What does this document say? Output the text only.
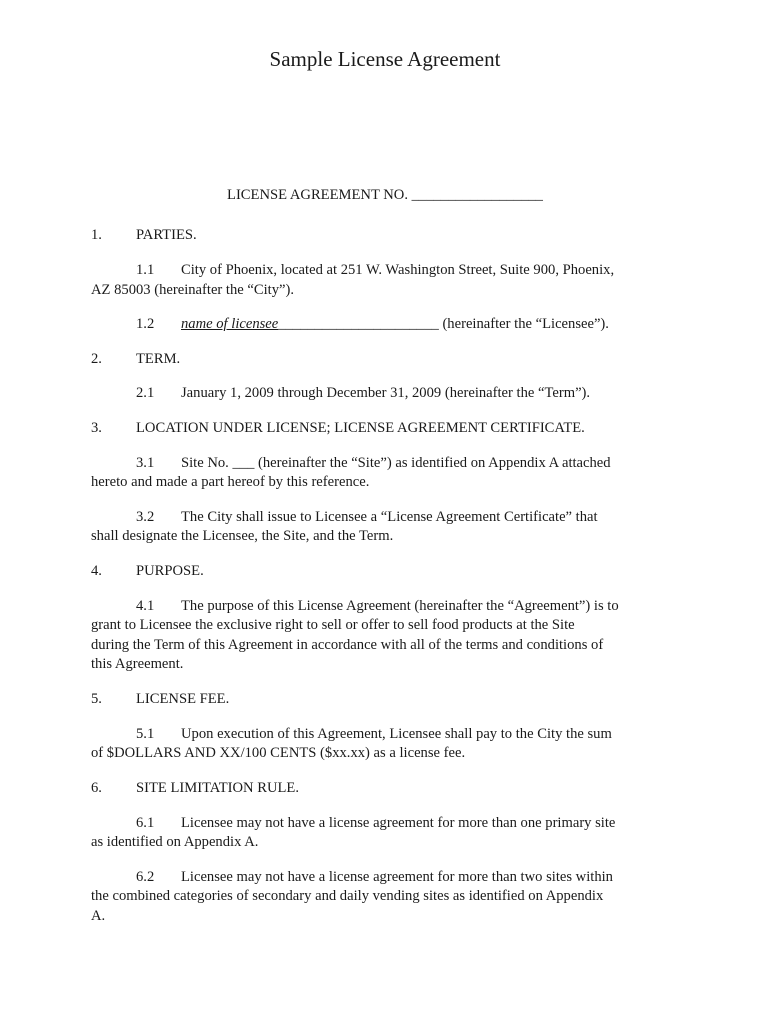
Sample License Agreement
LICENSE AGREEMENT NO. __________________
1. PARTIES.
1.1 City of Phoenix, located at 251 W. Washington Street, Suite 900, Phoenix,
AZ 85003 (hereinafter the “City”).
1.2 name of licensee______________________ (hereinafter the “Licensee”).
2. TERM.
2.1 January 1, 2009 through December 31, 2009 (hereinafter the “Term”).
3. LOCATION UNDER LICENSE; LICENSE AGREEMENT CERTIFICATE.
3.1 Site No. ___ (hereinafter the “Site”) as identified on Appendix A attached
hereto and made a part hereof by this reference.
3.2 The City shall issue to Licensee a “License Agreement Certificate” that
shall designate the Licensee, the Site, and the Term.
4. PURPOSE.
4.1 The purpose of this License Agreement (hereinafter the “Agreement”) is to
grant to Licensee the exclusive right to sell or offer to sell food products at the Site
during the Term of this Agreement in accordance with all of the terms and conditions of
this Agreement.
5. LICENSE FEE.
5.1 Upon execution of this Agreement, Licensee shall pay to the City the sum
of $DOLLARS AND XX/100 CENTS ($xx.xx) as a license fee.
6. SITE LIMITATION RULE.
6.1 Licensee may not have a license agreement for more than one primary site
as identified on Appendix A.
6.2 Licensee may not have a license agreement for more than two sites within
the combined categories of secondary and daily vending sites as identified on Appendix
A.
